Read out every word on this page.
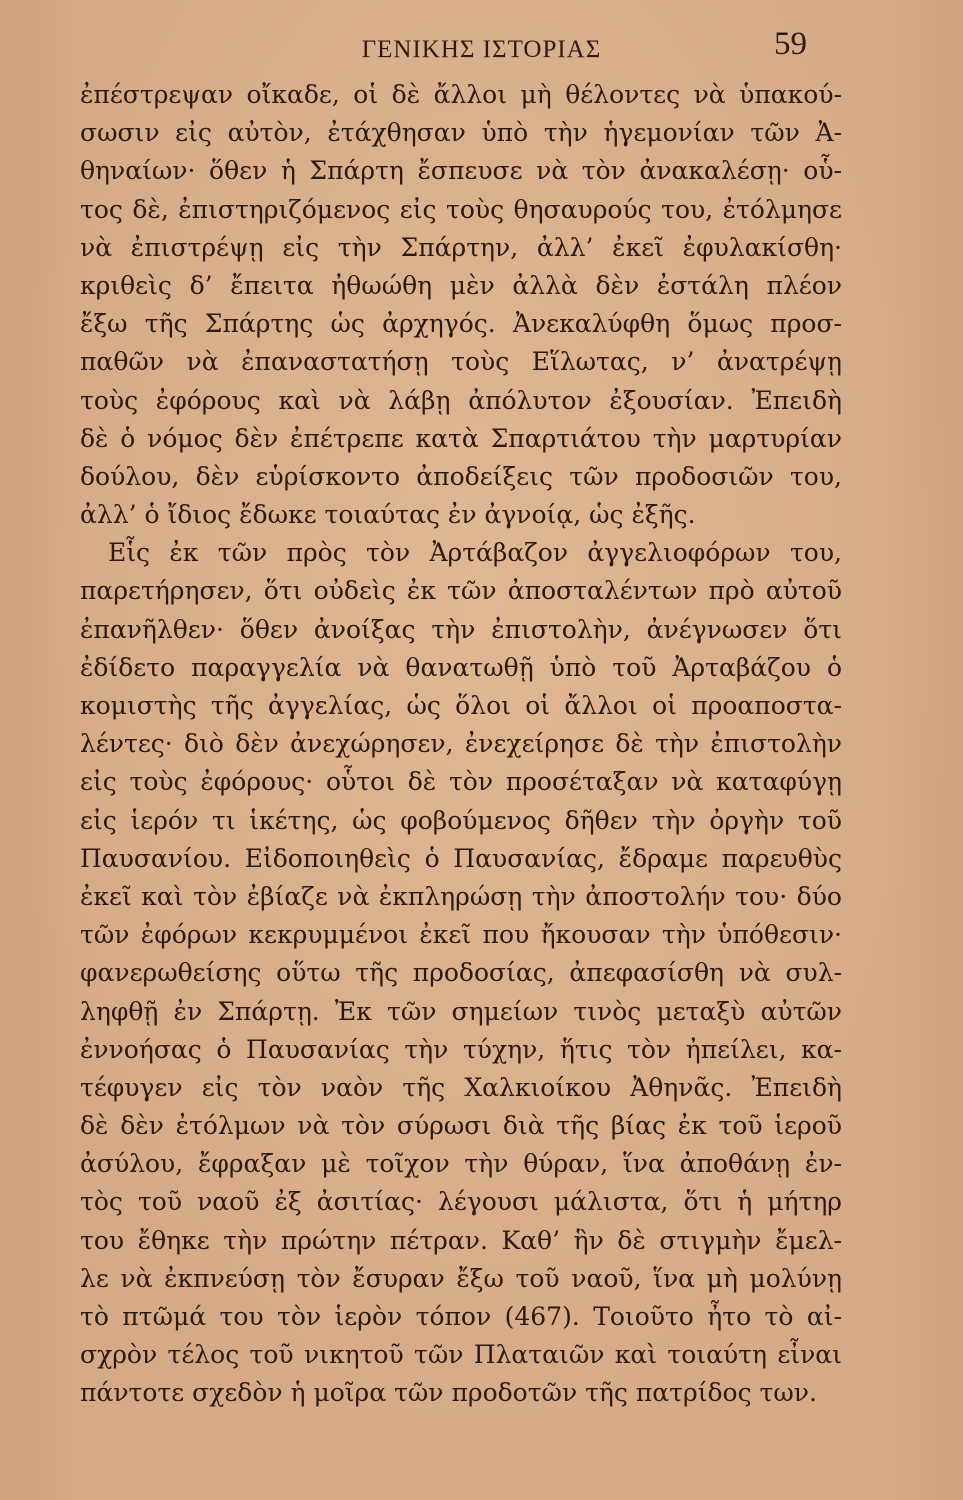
ΓΕΝΙΚΗΣ ΙΣΤΟΡΙΑΣ	59
ἐπέστρεψαν οἴκαδε, οἱ δὲ ἄλλοι μὴ θέλοντες νὰ ὑπακού-
σωσιν εἰς αὐτὸν, ἐτάχθησαν ὑπὸ τὴν ἡγεμονίαν τῶν Ἀ-
θηναίων· ὅθεν ἡ Σπάρτη ἔσπευσε νὰ τὸν ἀνακαλέσῃ· οὗ-
τος δὲ, ἐπιστηριζόμενος εἰς τοὺς θησαυρούς του, ἐτόλμησε
νὰ ἐπιστρέψῃ εἰς τὴν Σπάρτην, ἀλλ’ ἐκεῖ ἐφυλακίσθη·
κριθεὶς δ’ ἔπειτα ἠθωώθη μὲν ἀλλὰ δὲν ἐστάλη πλέον
ἔξω τῆς Σπάρτης ὡς ἀρχηγός. Ἀνεκαλύφθη ὅμως προσ-
παθῶν νὰ ἐπαναστατήσῃ τοὺς Εἵλωτας, ν’ ἀνατρέψῃ
τοὺς ἐφόρους καὶ νὰ λάβῃ ἀπόλυτον ἐξουσίαν. Ἐπειδὴ
δὲ ὁ νόμος δὲν ἐπέτρεπε κατὰ Σπαρτιάτου τὴν μαρτυρίαν
δούλου, δὲν εὑρίσκοντο ἀποδείξεις τῶν προδοσιῶν του,
ἀλλ’ ὁ ἴδιος ἔδωκε τοιαύτας ἐν ἀγνοίᾳ, ὡς ἐξῆς.
Εἷς ἐκ τῶν πρὸς τὸν Ἀρτάβαζον ἀγγελιοφόρων του,
παρετήρησεν, ὅτι οὐδεὶς ἐκ τῶν ἀποσταλέντων πρὸ αὐτοῦ
ἐπανῆλθεν· ὅθεν ἀνοίξας τὴν ἐπιστολὴν, ἀνέγνωσεν ὅτι
ἐδίδετο παραγγελία νὰ θανατωθῇ ὑπὸ τοῦ Ἀρταβάζου ὁ
κομιστὴς τῆς ἀγγελίας, ὡς ὅλοι οἱ ἄλλοι οἱ προαποστα-
λέντες· διὸ δὲν ἀνεχώρησεν, ἐνεχείρησε δὲ τὴν ἐπιστολὴν
εἰς τοὺς ἐφόρους· οὗτοι δὲ τὸν προσέταξαν νὰ καταφύγῃ
εἰς ἱερόν τι ἱκέτης, ὡς φοβούμενος δῆθεν τὴν ὀργὴν τοῦ
Παυσανίου. Εἰδοποιηθεὶς ὁ Παυσανίας, ἔδραμε παρευθὺς
ἐκεῖ καὶ τὸν ἐβίαζε νὰ ἐκπληρώσῃ τὴν ἀποστολήν του· δύο
τῶν ἐφόρων κεκρυμμένοι ἐκεῖ που ἤκουσαν τὴν ὑπόθεσιν·
φανερωθείσης οὕτω τῆς προδοσίας, ἀπεφασίσθη νὰ συλ-
ληφθῇ ἐν Σπάρτῃ. Ἐκ τῶν σημείων τινὸς μεταξὺ αὐτῶν
ἐννοήσας ὁ Παυσανίας τὴν τύχην, ἥτις τὸν ἠπείλει, κα-
τέφυγεν εἰς τὸν ναὸν τῆς Χαλκιοίκου Ἀθηνᾶς. Ἐπειδὴ
δὲ δὲν ἐτόλμων νὰ τὸν σύρωσι διὰ τῆς βίας ἐκ τοῦ ἱεροῦ
ἀσύλου, ἔφραξαν μὲ τοῖχον τὴν θύραν, ἵνα ἀποθάνῃ ἐν-
τὸς τοῦ ναοῦ ἐξ ἀσιτίας· λέγουσι μάλιστα, ὅτι ἡ μήτηρ
του ἔθηκε τὴν πρώτην πέτραν. Καθ’ ἣν δὲ στιγμὴν ἔμελ-
λε νὰ ἐκπνεύσῃ τὸν ἔσυραν ἔξω τοῦ ναοῦ, ἵνα μὴ μολύνῃ
τὸ πτῶμά του τὸν ἱερὸν τόπον (467). Τοιοῦτο ἦτο τὸ αἰ-
σχρὸν τέλος τοῦ νικητοῦ τῶν Πλαταιῶν καὶ τοιαύτη εἶναι
πάντοτε σχεδὸν ἡ μοῖρα τῶν προδοτῶν τῆς πατρίδος των.
